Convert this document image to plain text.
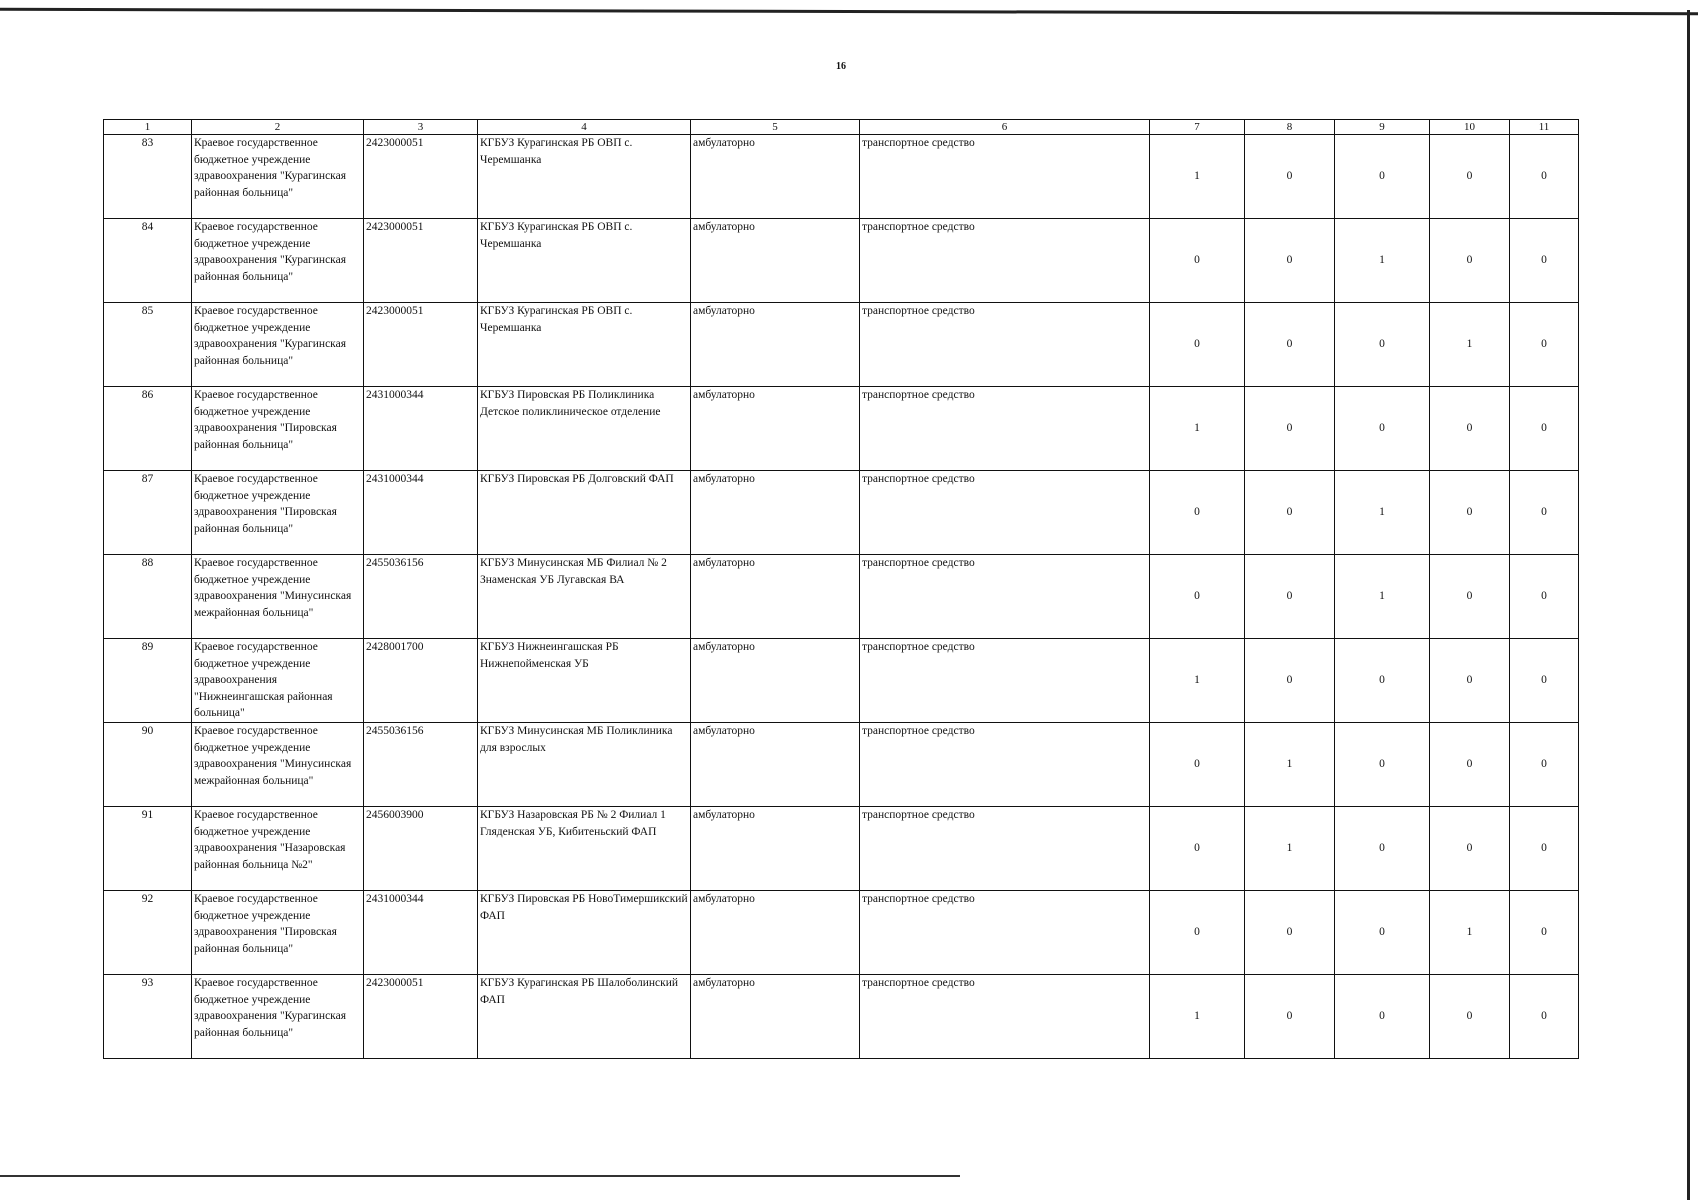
16
1	2	3	4	5	6	7	8	9	10	11
83	Краевое государственное бюджетное учреждение здравоохранения "Курагинская районная больница"	2423000051	КГБУЗ Курагинская РБ ОВП с. Черемшанка	амбулаторно	транспортное средство	1	0	0	0	0
84	Краевое государственное бюджетное учреждение здравоохранения "Курагинская районная больница"	2423000051	КГБУЗ Курагинская РБ ОВП с. Черемшанка	амбулаторно	транспортное средство	0	0	1	0	0
85	Краевое государственное бюджетное учреждение здравоохранения "Курагинская районная больница"	2423000051	КГБУЗ Курагинская РБ ОВП с. Черемшанка	амбулаторно	транспортное средство	0	0	0	1	0
86	Краевое государственное бюджетное учреждение здравоохранения "Пировская районная больница"	2431000344	КГБУЗ Пировская РБ Поликлиника Детское поликлиническое отделение	амбулаторно	транспортное средство	1	0	0	0	0
87	Краевое государственное бюджетное учреждение здравоохранения "Пировская районная больница"	2431000344	КГБУЗ Пировская РБ Долговский ФАП	амбулаторно	транспортное средство	0	0	1	0	0
88	Краевое государственное бюджетное учреждение здравоохранения "Минусинская межрайонная больница"	2455036156	КГБУЗ Минусинская МБ Филиал № 2 Знаменская УБ Лугавская ВА	амбулаторно	транспортное средство	0	0	1	0	0
89	Краевое государственное бюджетное учреждение здравоохранения "Нижнеингашская районная больница"	2428001700	КГБУЗ Нижнеингашская РБ Нижнепойменская УБ	амбулаторно	транспортное средство	1	0	0	0	0
90	Краевое государственное бюджетное учреждение здравоохранения "Минусинская межрайонная больница"	2455036156	КГБУЗ Минусинская МБ Поликлиника для взрослых	амбулаторно	транспортное средство	0	1	0	0	0
91	Краевое государственное бюджетное учреждение здравоохранения "Назаровская районная больница №2"	2456003900	КГБУЗ Назаровская РБ № 2 Филиал 1 Гляденская УБ, Кибитеньский ФАП	амбулаторно	транспортное средство	0	1	0	0	0
92	Краевое государственное бюджетное учреждение здравоохранения "Пировская районная больница"	2431000344	КГБУЗ Пировская РБ НовоТимершикский ФАП	амбулаторно	транспортное средство	0	0	0	1	0
93	Краевое государственное бюджетное учреждение здравоохранения "Курагинская районная больница"	2423000051	КГБУЗ Курагинская РБ Шалоболинский ФАП	амбулаторно	транспортное средство	1	0	0	0	0
